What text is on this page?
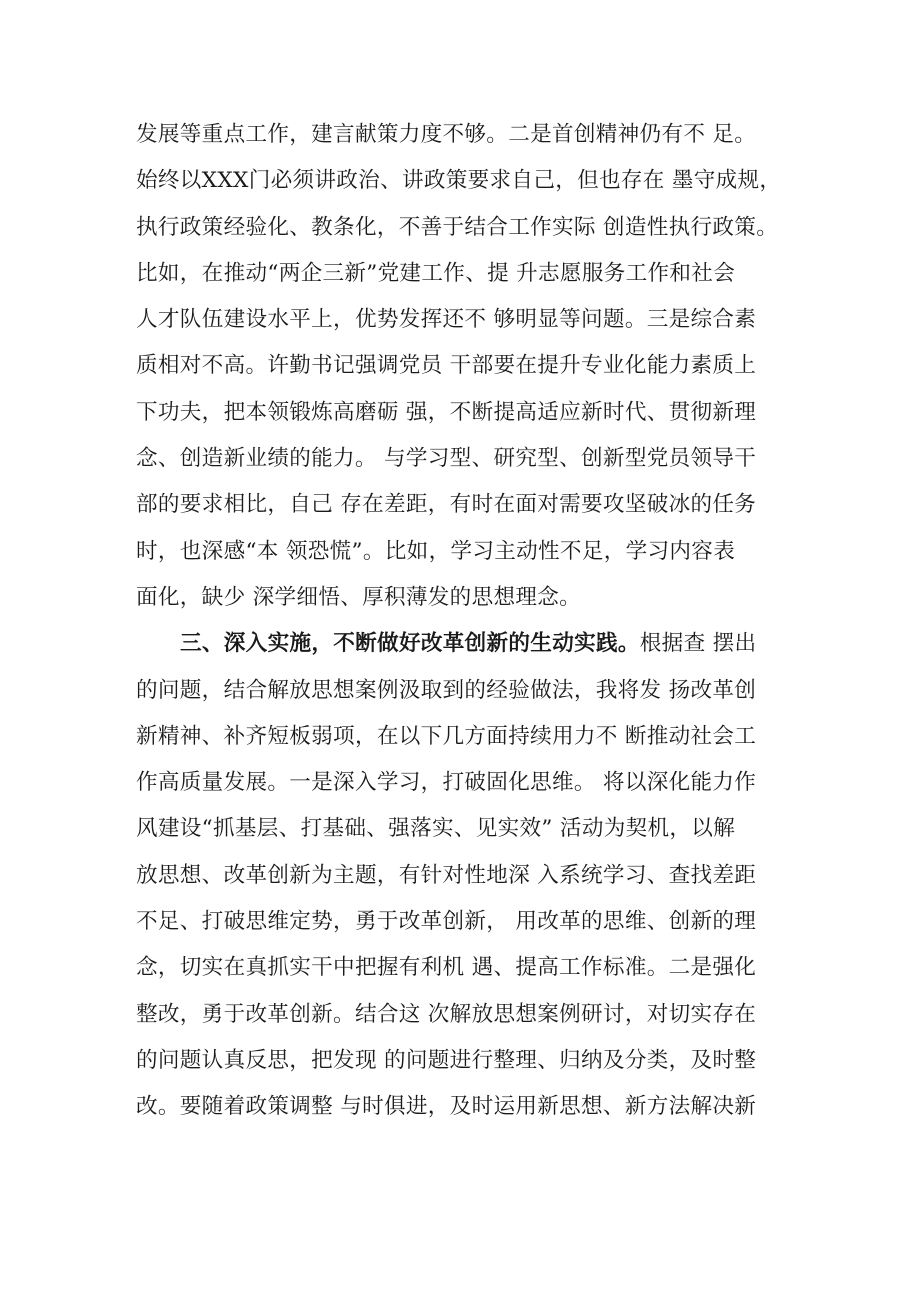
发展等重点工作，建言献策力度不够。二是首创精神仍有不 足。
始终以XXX门必须讲政治、讲政策要求自己，但也存在 墨守成规，
执行政策经验化、教条化，不善于结合工作实际 创造性执行政策。
比如，在推动“两企三新”党建工作、提 升志愿服务工作和社会
人才队伍建设水平上，优势发挥还不 够明显等问题。三是综合素
质相对不高。许勤书记强调党员 干部要在提升专业化能力素质上
下功夫，把本领锻炼高磨砺 强，不断提高适应新时代、贯彻新理
念、创造新业绩的能力。 与学习型、研究型、创新型党员领导干
部的要求相比，自己 存在差距，有时在面对需要攻坚破冰的任务
时，也深感“本 领恐慌”。比如，学习主动性不足，学习内容表
面化，缺少 深学细悟、厚积薄发的思想理念。
三、深入实施，不断做好改革创新的生动实践。根据查 摆出
的问题，结合解放思想案例汲取到的经验做法，我将发 扬改革创
新精神、补齐短板弱项，在以下几方面持续用力不 断推动社会工
作高质量发展。一是深入学习，打破固化思维。 将以深化能力作
风建设“抓基层、打基础、强落实、见实效” 活动为契机，以解
放思想、改革创新为主题，有针对性地深 入系统学习、查找差距
不足、打破思维定势，勇于改革创新， 用改革的思维、创新的理
念，切实在真抓实干中把握有利机 遇、提高工作标准。二是强化
整改，勇于改革创新。结合这 次解放思想案例研讨，对切实存在
的问题认真反思，把发现 的问题进行整理、归纳及分类，及时整
改。要随着政策调整 与时俱进，及时运用新思想、新方法解决新
